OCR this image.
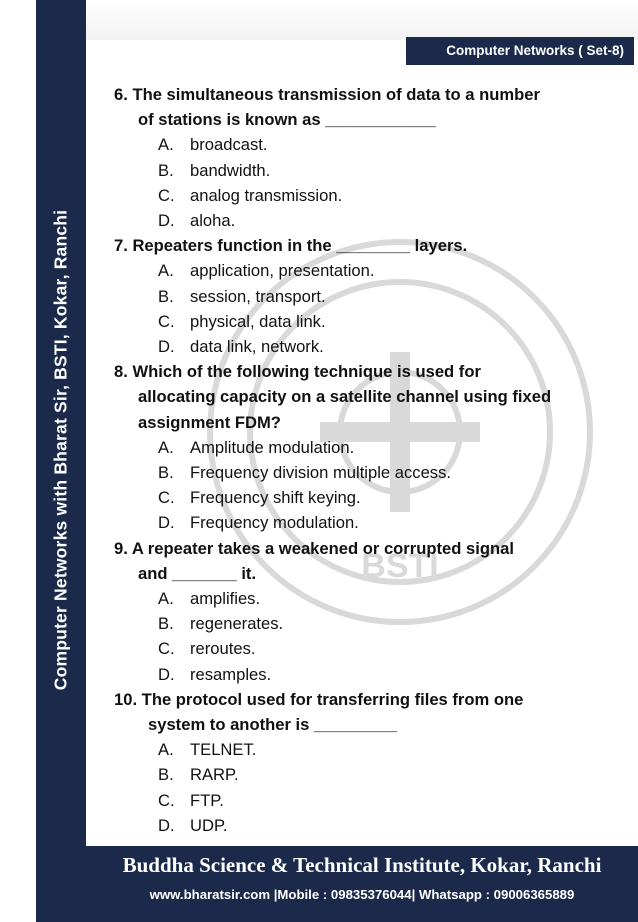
Computer Networks with Bharat Sir, BSTI, Kokar, Ranchi
Computer Networks ( Set-8)
BSTI
6. The simultaneous transmission of data to a number
of stations is known as ____________
A. broadcast.
B. bandwidth.
C. analog transmission.
D. aloha.
7. Repeaters function in the ________ layers.
A. application, presentation.
B. session, transport.
C. physical, data link.
D. data link, network.
8. Which of the following technique is used for
allocating capacity on a satellite channel using fixed
assignment FDM?
A. Amplitude modulation.
B. Frequency division multiple access.
C. Frequency shift keying.
D. Frequency modulation.
9. A repeater takes a weakened or corrupted signal
and _______ it.
A. amplifies.
B. regenerates.
C. reroutes.
D. resamples.
10. The protocol used for transferring files from one
system to another is _________
A. TELNET.
B. RARP.
C. FTP.
D. UDP.
Buddha Science & Technical Institute, Kokar, Ranchi
www.bharatsir.com |Mobile : 09835376044| Whatsapp : 09006365889
